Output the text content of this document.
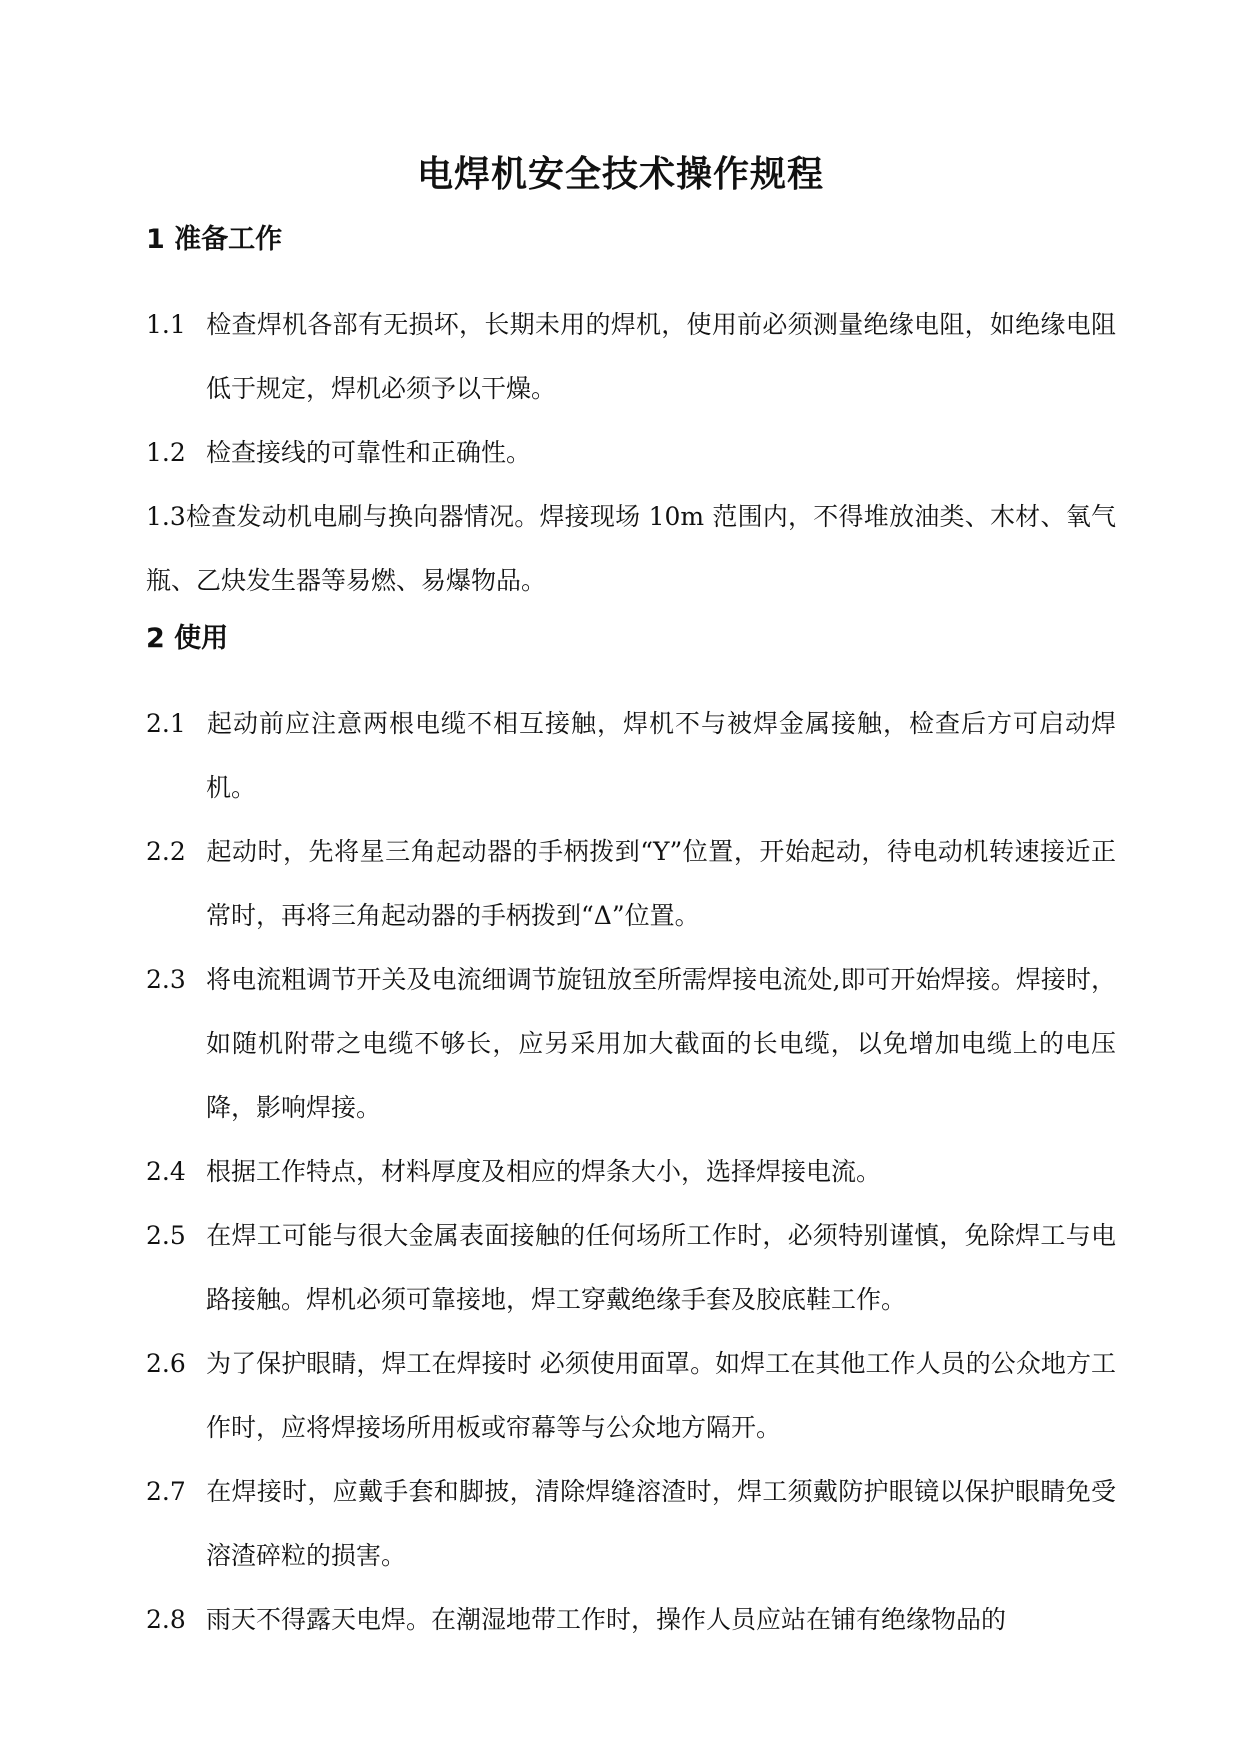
电焊机安全技术操作规程
1 准备工作

1.1 检查焊机各部有无损坏，长期未用的焊机，使用前必须测量绝缘电阻，如绝缘电阻低于规定，焊机必须予以干燥。

1.2 检查接线的可靠性和正确性。

1.3检查发动机电刷与换向器情况。焊接现场 10m 范围内，不得堆放油类、木材、氧气瓶、乙炔发生器等易燃、易爆物品。

2 使用

2.1 起动前应注意两根电缆不相互接触，焊机不与被焊金属接触，检查后方可启动焊机。

2.2 起动时，先将星三角起动器的手柄拨到“Y”位置，开始起动，待电动机转速接近正常时，再将三角起动器的手柄拨到“Δ”位置。

2.3 将电流粗调节开关及电流细调节旋钮放至所需焊接电流处,即可开始焊接。焊接时，如随机附带之电缆不够长，应另采用加大截面的长电缆，以免增加电缆上的电压降，影响焊接。

2.4 根据工作特点，材料厚度及相应的焊条大小，选择焊接电流。

2.5 在焊工可能与很大金属表面接触的任何场所工作时，必须特别谨慎，免除焊工与电路接触。焊机必须可靠接地，焊工穿戴绝缘手套及胶底鞋工作。

2.6 为了保护眼睛，焊工在焊接时 必须使用面罩。如焊工在其他工作人员的公众地方工作时，应将焊接场所用板或帘幕等与公众地方隔开。

2.7 在焊接时，应戴手套和脚披，清除焊缝溶渣时，焊工须戴防护眼镜以保护眼睛免受溶渣碎粒的损害。

2.8 雨天不得露天电焊。在潮湿地带工作时，操作人员应站在铺有绝缘物品的
